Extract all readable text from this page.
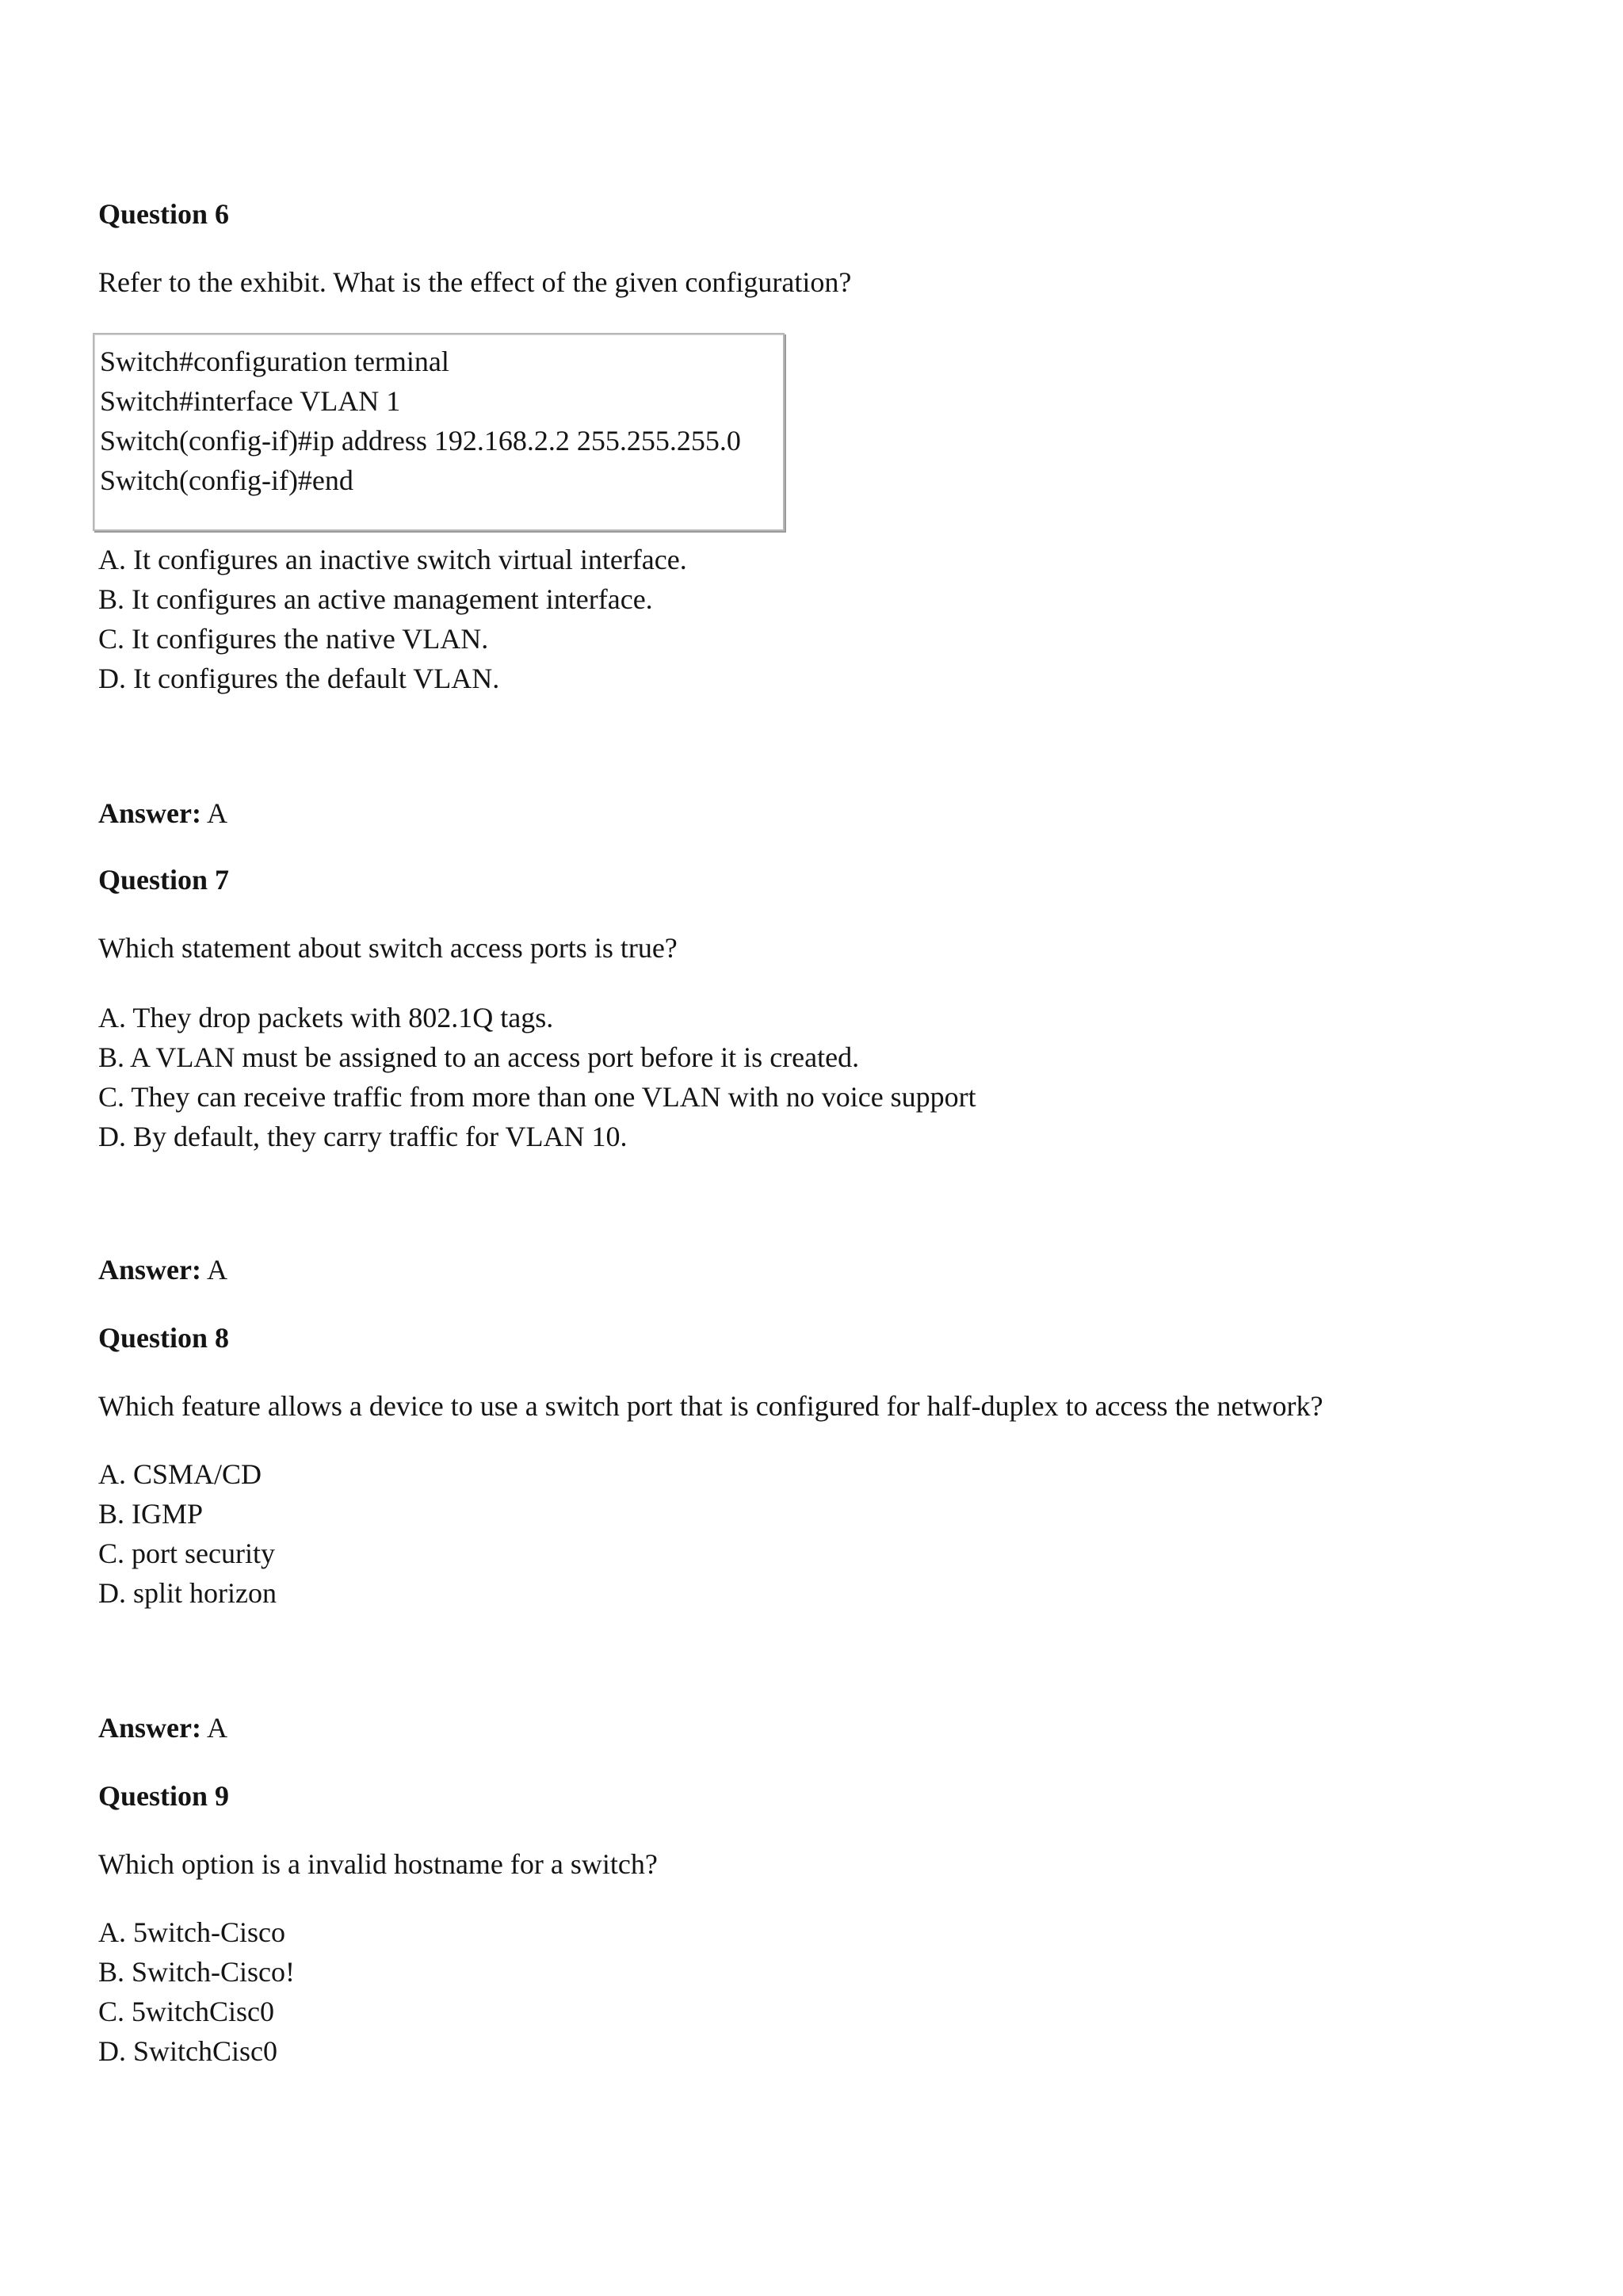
Question 6
Refer to the exhibit. What is the effect of the given configuration?
Switch#configuration terminal
Switch#interface VLAN 1
Switch(config-if)#ip address 192.168.2.2 255.255.255.0
Switch(config-if)#end
A. It configures an inactive switch virtual interface.
B. It configures an active management interface.
C. It configures the native VLAN.
D. It configures the default VLAN.
Answer: A
Question 7
Which statement about switch access ports is true?
A. They drop packets with 802.1Q tags.
B. A VLAN must be assigned to an access port before it is created.
C. They can receive traffic from more than one VLAN with no voice support
D. By default, they carry traffic for VLAN 10.
Answer: A
Question 8
Which feature allows a device to use a switch port that is configured for half-duplex to access the network?
A. CSMA/CD
B. IGMP
C. port security
D. split horizon
Answer: A
Question 9
Which option is a invalid hostname for a switch?
A. 5witch-Cisco
B. Switch-Cisco!
C. 5witchCisc0
D. SwitchCisc0
